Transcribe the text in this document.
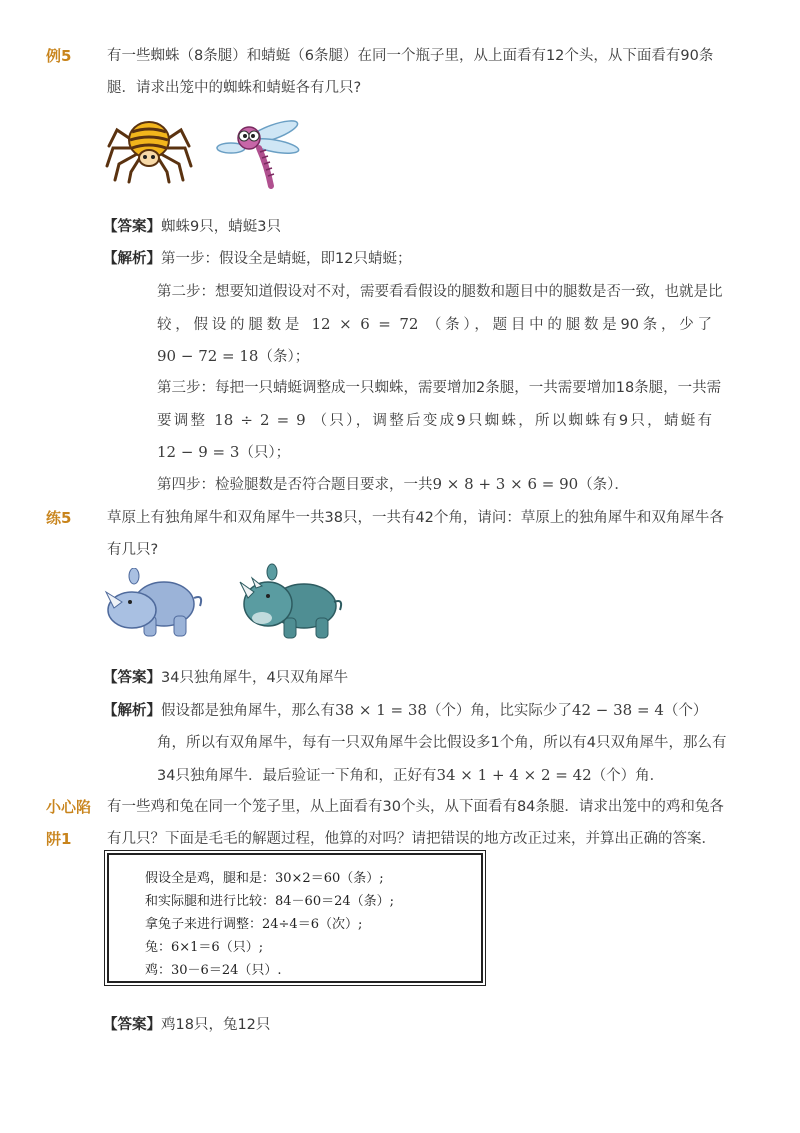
例5 有一些蜘蛛（8条腿）和蜻蜓（6条腿）在同一个瓶子里，从上面看有12个头，从下面看有90条
腿．请求出笼中的蜘蛛和蜻蜓各有几只?
【答案】蜘蛛9只，蜻蜓3只
【解析】第一步：假设全是蜻蜓，即12只蜻蜓；
第二步：想要知道假设对不对，需要看看假设的腿数和题目中的腿数是否一致，也就是比
较，假设的腿数是 12 × 6 = 72 （条），题目中的腿数是90条，少了
90 − 72 = 18（条）；
第三步：每把一只蜻蜓调整成一只蜘蛛，需要增加2条腿，一共需要增加18条腿，一共需
要调整 18 ÷ 2 = 9 （只），调整后变成9只蜘蛛，所以蜘蛛有9只，蜻蜓有
12 − 9 = 3（只）；
第四步：检验腿数是否符合题目要求，一共9 × 8 + 3 × 6 = 90（条）．
练5 草原上有独角犀牛和双角犀牛一共38只，一共有42个角，请问：草原上的独角犀牛和双角犀牛各
有几只?
【答案】34只独角犀牛，4只双角犀牛
【解析】假设都是独角犀牛，那么有38 × 1 = 38（个）角，比实际少了42 − 38 = 4（个）
角，所以有双角犀牛，每有一只双角犀牛会比假设多1个角，所以有4只双角犀牛，那么有
34只独角犀牛．最后验证一下角和，正好有34 × 1 + 4 × 2 = 42（个）角．
小心陷
阱1
有一些鸡和兔在同一个笼子里，从上面看有30个头，从下面看有84条腿．请求出笼中的鸡和兔各
有几只？下面是毛毛的解题过程，他算的对吗？请把错误的地方改正过来，并算出正确的答案．
假设全是鸡，腿和是：30×2＝60（条）;
和实际腿和进行比较：84－60＝24（条）;
拿兔子来进行调整：24÷4＝6（次）;
兔：6×1＝6（只）;
鸡：30－6＝24（只）.
【答案】鸡18只，兔12只
